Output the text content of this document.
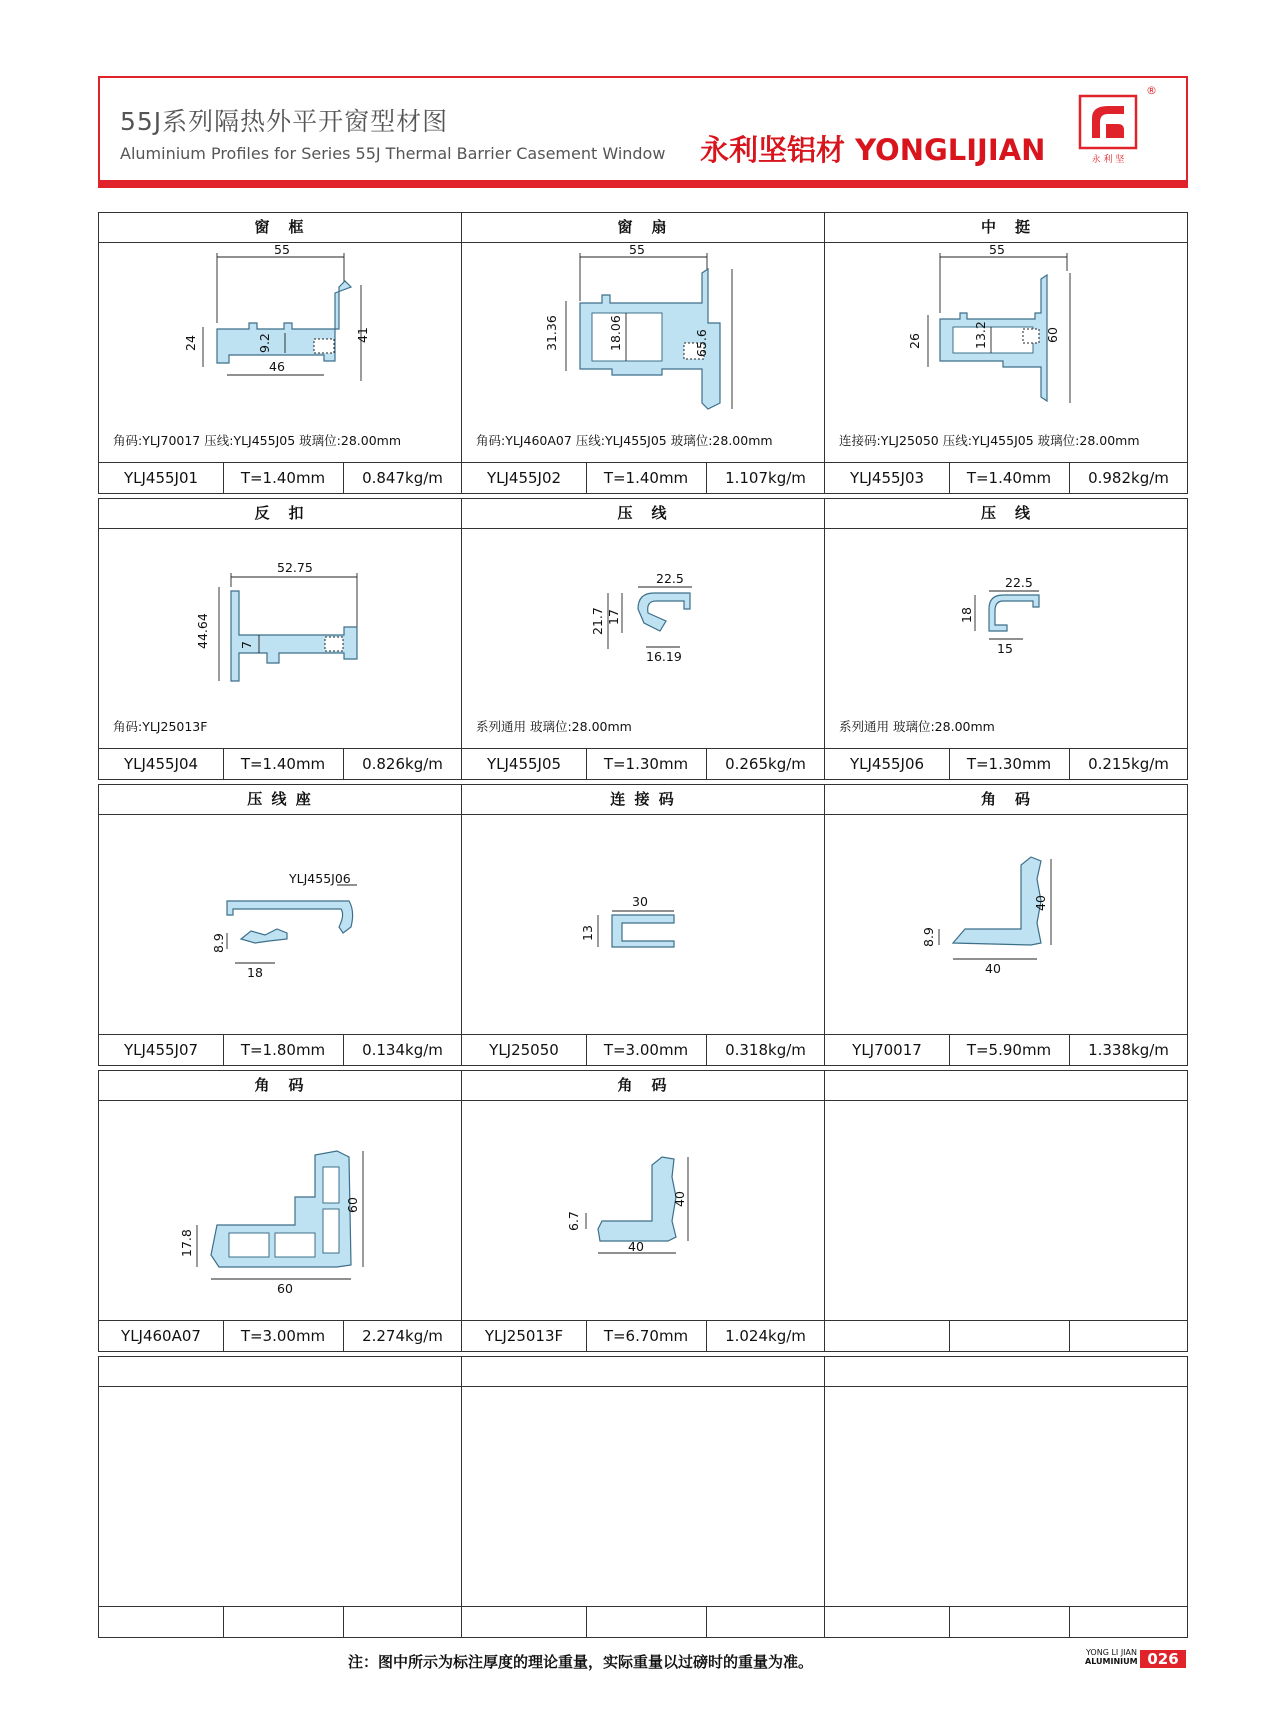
55J系列隔热外平开窗型材图
Aluminium Profiles for Series 55J Thermal Barrier Casement Window 永利坚铝材 YONGLIJIAN	永 利 坚
®
窗　框
55
41
24	9.2
46
角码:YLJ70017 压线:YLJ455J05 玻璃位:28.00mm
YLJ455J01	T=1.40mm	0.847kg/m
窗　扇
55
31.36	18.06	65.6
角码:YLJ460A07 压线:YLJ455J05 玻璃位:28.00mm
YLJ455J02	T=1.40mm	1.107kg/m
中　挺
55
26	13.2	60
连接码:YLJ25050 压线:YLJ455J05 玻璃位:28.00mm
YLJ455J03	T=1.40mm	0.982kg/m
反　扣
52.75
44.64 7
角码:YLJ25013F
YLJ455J04	T=1.40mm	0.826kg/m
压　线
22.5
21.7 17
16.19
系列通用 玻璃位:28.00mm
YLJ455J05	T=1.30mm	0.265kg/m
压　线
22.5
18
15
系列通用 玻璃位:28.00mm
YLJ455J06	T=1.30mm	0.215kg/m
压 线 座
YLJ455J06
8.9
18
YLJ455J07	T=1.80mm	0.134kg/m
连 接 码
30
13
YLJ25050	T=3.00mm	0.318kg/m
角　码
40
8.9
40
YLJ70017	T=5.90mm	1.338kg/m
角　码
60
17.8
60
YLJ460A07	T=3.00mm	2.274kg/m
角　码
40
6.7
40
YLJ25013F	T=6.70mm	1.024kg/m
注：图中所示为标注厚度的理论重量，实际重量以过磅时的重量为准。
YONG LI JIAN
ALUMINIUM 026
